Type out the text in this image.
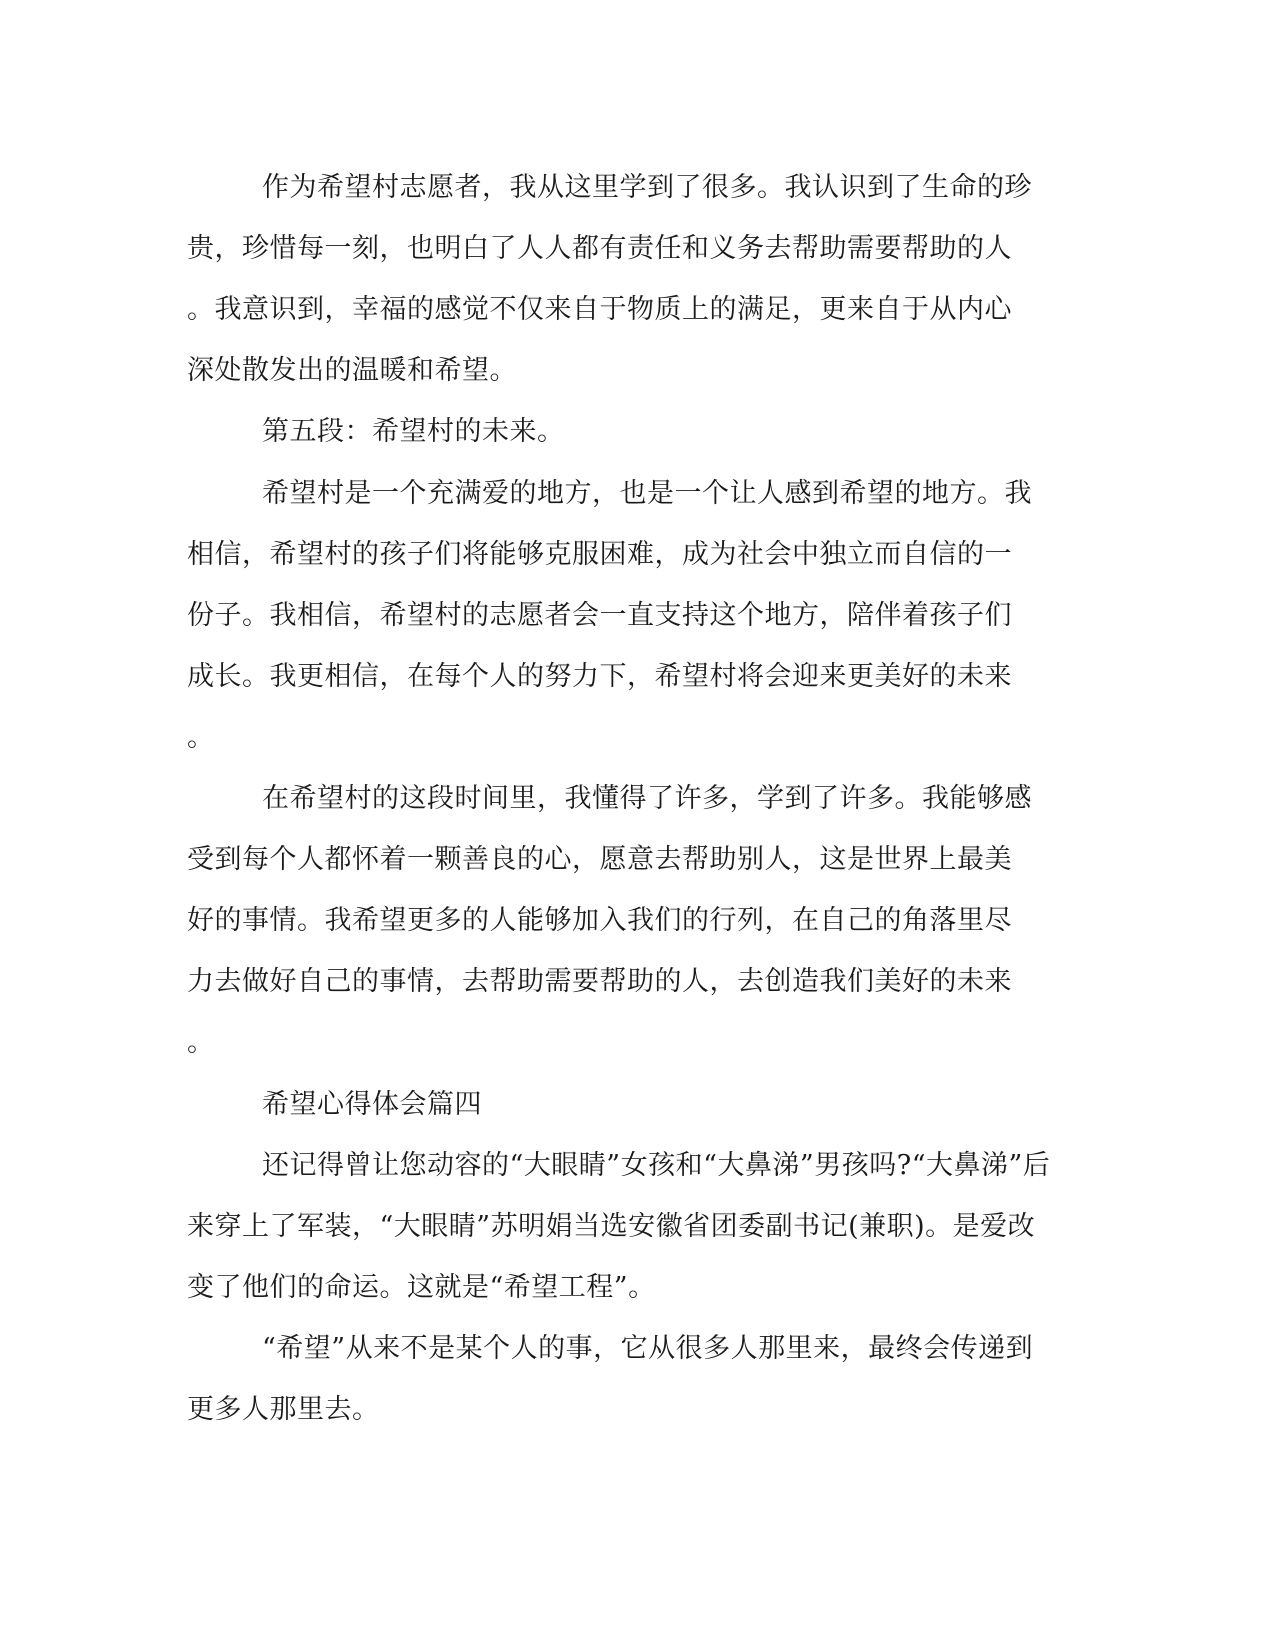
作为希望村志愿者，我从这里学到了很多。我认识到了生命的珍
贵，珍惜每一刻，也明白了人人都有责任和义务去帮助需要帮助的人
。我意识到，幸福的感觉不仅来自于物质上的满足，更来自于从内心
深处散发出的温暖和希望。
第五段：希望村的未来。
希望村是一个充满爱的地方，也是一个让人感到希望的地方。我
相信，希望村的孩子们将能够克服困难，成为社会中独立而自信的一
份子。我相信，希望村的志愿者会一直支持这个地方，陪伴着孩子们
成长。我更相信，在每个人的努力下，希望村将会迎来更美好的未来
。
在希望村的这段时间里，我懂得了许多，学到了许多。我能够感
受到每个人都怀着一颗善良的心，愿意去帮助别人，这是世界上最美
好的事情。我希望更多的人能够加入我们的行列，在自己的角落里尽
力去做好自己的事情，去帮助需要帮助的人，去创造我们美好的未来
。
希望心得体会篇四
还记得曾让您动容的“大眼睛”女孩和“大鼻涕”男孩吗?“大鼻涕”后
来穿上了军装，“大眼睛”苏明娟当选安徽省团委副书记(兼职)。是爱改
变了他们的命运。这就是“希望工程”。
“希望”从来不是某个人的事，它从很多人那里来，最终会传递到
更多人那里去。
